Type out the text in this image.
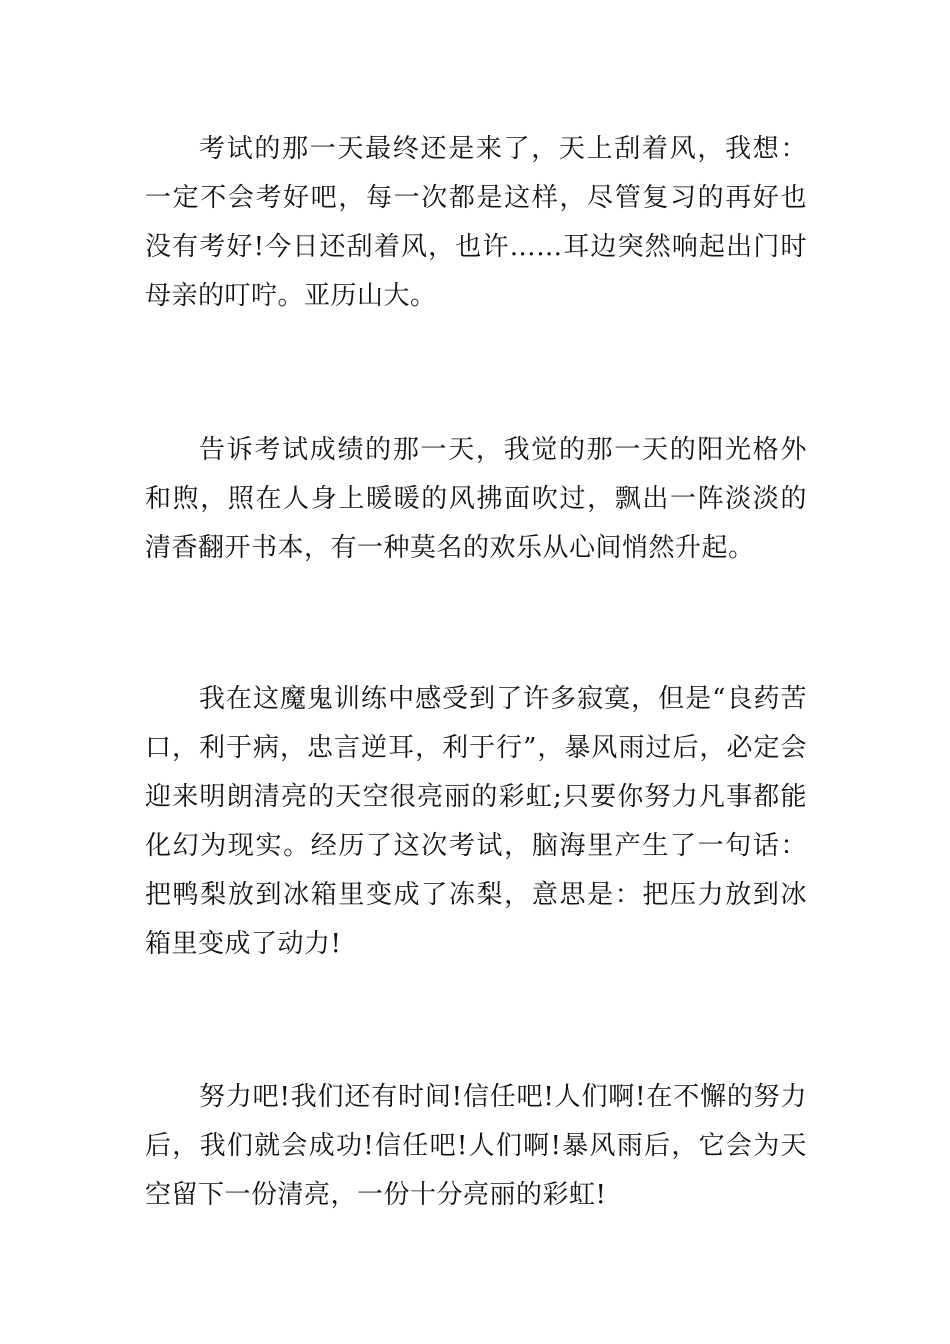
考试的那一天最终还是来了，天上刮着风，我想：一定不会考好吧，每一次都是这样，尽管复习的再好也没有考好!今日还刮着风，也许……耳边突然响起出门时母亲的叮咛。亚历山大。

告诉考试成绩的那一天，我觉的那一天的阳光格外和煦，照在人身上暖暖的风拂面吹过，飘出一阵淡淡的清香翻开书本，有一种莫名的欢乐从心间悄然升起。

我在这魔鬼训练中感受到了许多寂寞，但是“良药苦口，利于病，忠言逆耳，利于行”，暴风雨过后，必定会迎来明朗清亮的天空很亮丽的彩虹;只要你努力凡事都能化幻为现实。经历了这次考试，脑海里产生了一句话：把鸭梨放到冰箱里变成了冻梨，意思是：把压力放到冰箱里变成了动力!

努力吧!我们还有时间!信任吧!人们啊!在不懈的努力后，我们就会成功!信任吧!人们啊!暴风雨后，它会为天空留下一份清亮，一份十分亮丽的彩虹!
